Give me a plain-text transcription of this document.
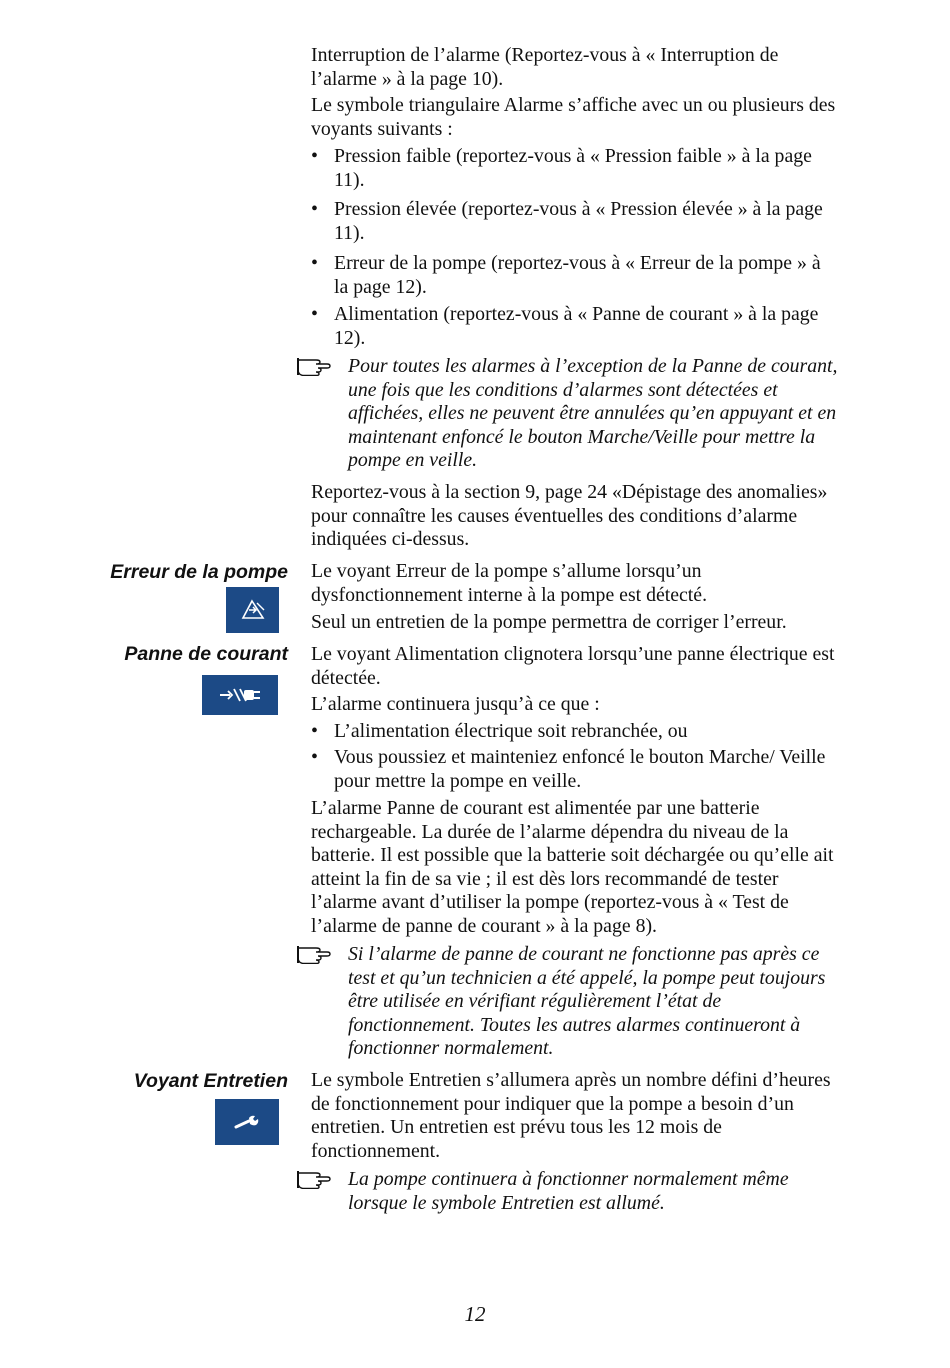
Interruption de l’alarme (Reportez-vous à « Interruption de l’alarme » à la page 10).

Le symbole triangulaire Alarme s’affiche avec un ou plusieurs des voyants suivants :

• Pression faible (reportez-vous à « Pression faible » à la page 11).
• Pression élevée (reportez-vous à « Pression élevée » à la page 11).
• Erreur de la pompe (reportez-vous à « Erreur de la pompe » à la page 12).
• Alimentation (reportez-vous à « Panne de courant » à la page 12).

Pour toutes les alarmes à l’exception de la Panne de courant, une fois que les conditions d’alarmes sont détectées et affichées, elles ne peuvent être annulées qu’en appuyant et en maintenant enfoncé le bouton Marche/Veille pour mettre la pompe en veille.

Reportez-vous à la section 9, page 24 «Dépistage des anomalies» pour connaître les causes éventuelles des conditions d’alarme indiquées ci-dessus.

Erreur de la pompe Le voyant Erreur de la pompe s’allume lorsqu’un dysfonctionnement interne à la pompe est détecté.

Seul un entretien de la pompe permettra de corriger l’erreur.

Panne de courant Le voyant Alimentation clignotera lorsqu’une panne électrique est détectée.

L’alarme continuera jusqu’à ce que :

• L’alimentation électrique soit rebranchée, ou
• Vous poussiez et mainteniez enfoncé le bouton Marche/ Veille pour mettre la pompe en veille.

L’alarme Panne de courant est alimentée par une batterie rechargeable. La durée de l’alarme dépendra du niveau de la batterie. Il est possible que la batterie soit déchargée ou qu’elle ait atteint la fin de sa vie ; il est dès lors recommandé de tester l’alarme avant d’utiliser la pompe (reportez-vous à « Test de l’alarme de panne de courant » à la page 8).

Si l’alarme de panne de courant ne fonctionne pas après ce test et qu’un technicien a été appelé, la pompe peut toujours être utilisée en vérifiant régulièrement l’état de fonctionnement. Toutes les autres alarmes continueront à fonctionner normalement.

Voyant Entretien Le symbole Entretien s’allumera après un nombre défini d’heures de fonctionnement pour indiquer que la pompe a besoin d’un entretien. Un entretien est prévu tous les 12 mois de fonctionnement.

La pompe continuera à fonctionner normalement même lorsque le symbole Entretien est allumé.

12
